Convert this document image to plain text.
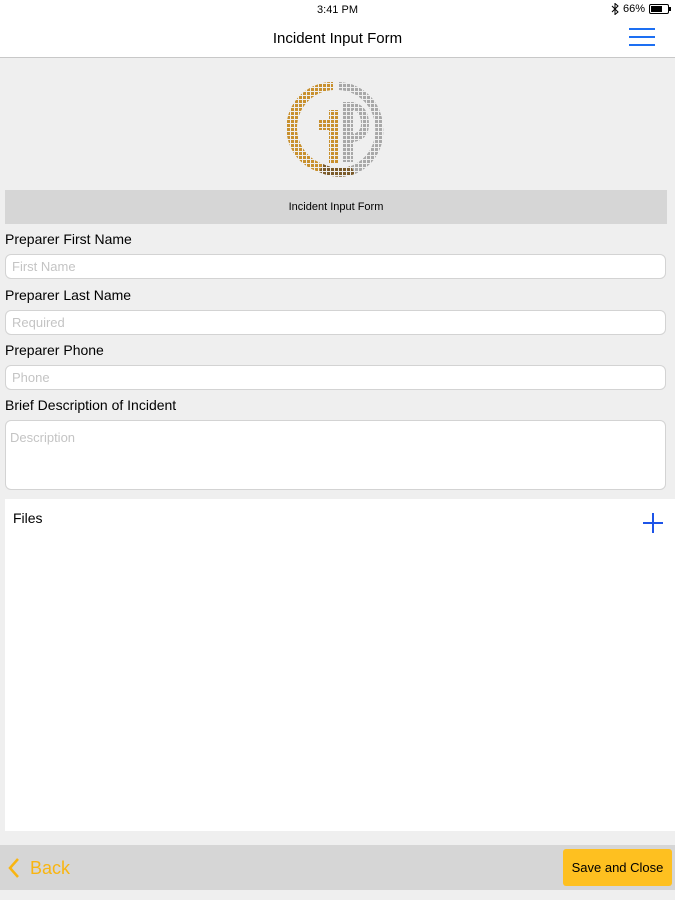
3:41 PM	66%
Incident Input Form
Incident Input Form
Preparer First Name
First Name
Preparer Last Name
Required
Preparer Phone
Phone
Brief Description of Incident
Description
Files
Back	Save and Close
